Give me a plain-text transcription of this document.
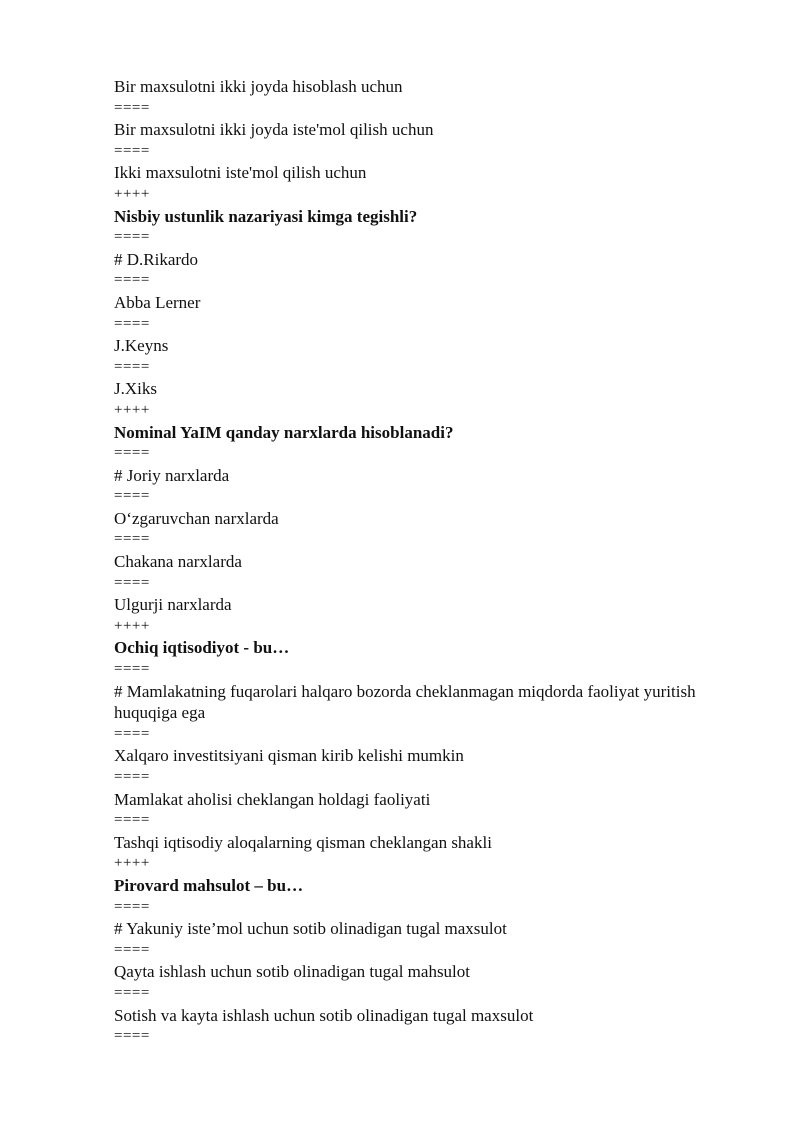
Bir maxsulotni ikki joyda hisoblash uchun
====
Bir maxsulotni ikki joyda iste'mol qilish uchun
====
Ikki maxsulotni iste'mol qilish uchun
++++
Nisbiy ustunlik nazariyasi kimga tegishli?
====
# D.Rikardo
====
Abba Lerner
====
J.Keyns
====
J.Xiks
++++
Nominal YaIM qanday narxlarda hisoblanadi?
====
# Joriy narxlarda
====
O‘zgaruvchan narxlarda
====
Chakana narxlarda
====
Ulgurji narxlarda
++++
Ochiq iqtisodiyot - bu…
====
# Mamlakatning fuqarolari halqaro bozorda cheklanmagan miqdorda faoliyat yuritish huquqiga ega
====
Xalqaro investitsiyani qisman kirib kelishi mumkin
====
Mamlakat aholisi cheklangan holdagi faoliyati
====
Tashqi iqtisodiy aloqalarning qisman cheklangan shakli
++++
Pirovard mahsulot – bu…
====
# Yakuniy iste’mol uchun sotib olinadigan tugal maxsulot
====
Qayta ishlash uchun sotib olinadigan tugal mahsulot
====
Sotish va kayta ishlash uchun sotib olinadigan tugal maxsulot
====
